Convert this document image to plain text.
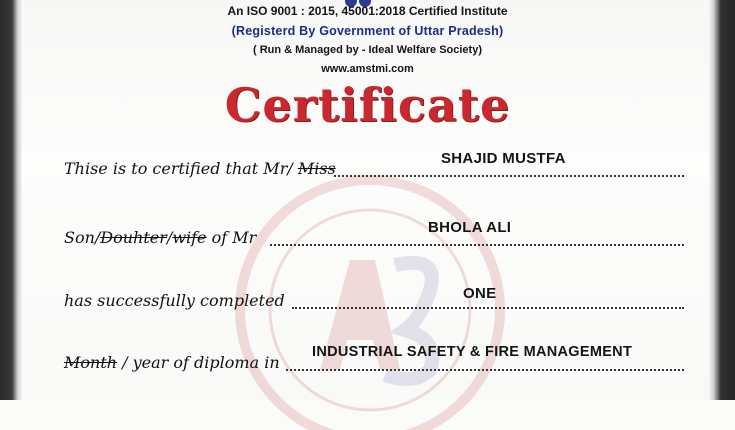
An ISO 9001 : 2015, 45001:2018 Certified Institute
(Registerd By Government of Uttar Pradesh)
( Run & Managed by - Ideal Welfare Society)
www.amstmi.com
Certificate
Thise is to certified that Mr/ Miss
SHAJID MUSTFA
Son/Douhter/wife of Mr
BHOLA ALI
has successfully completed	ONE
Month / year of diploma in
INDUSTRIAL SAFETY & FIRE MANAGEMENT
